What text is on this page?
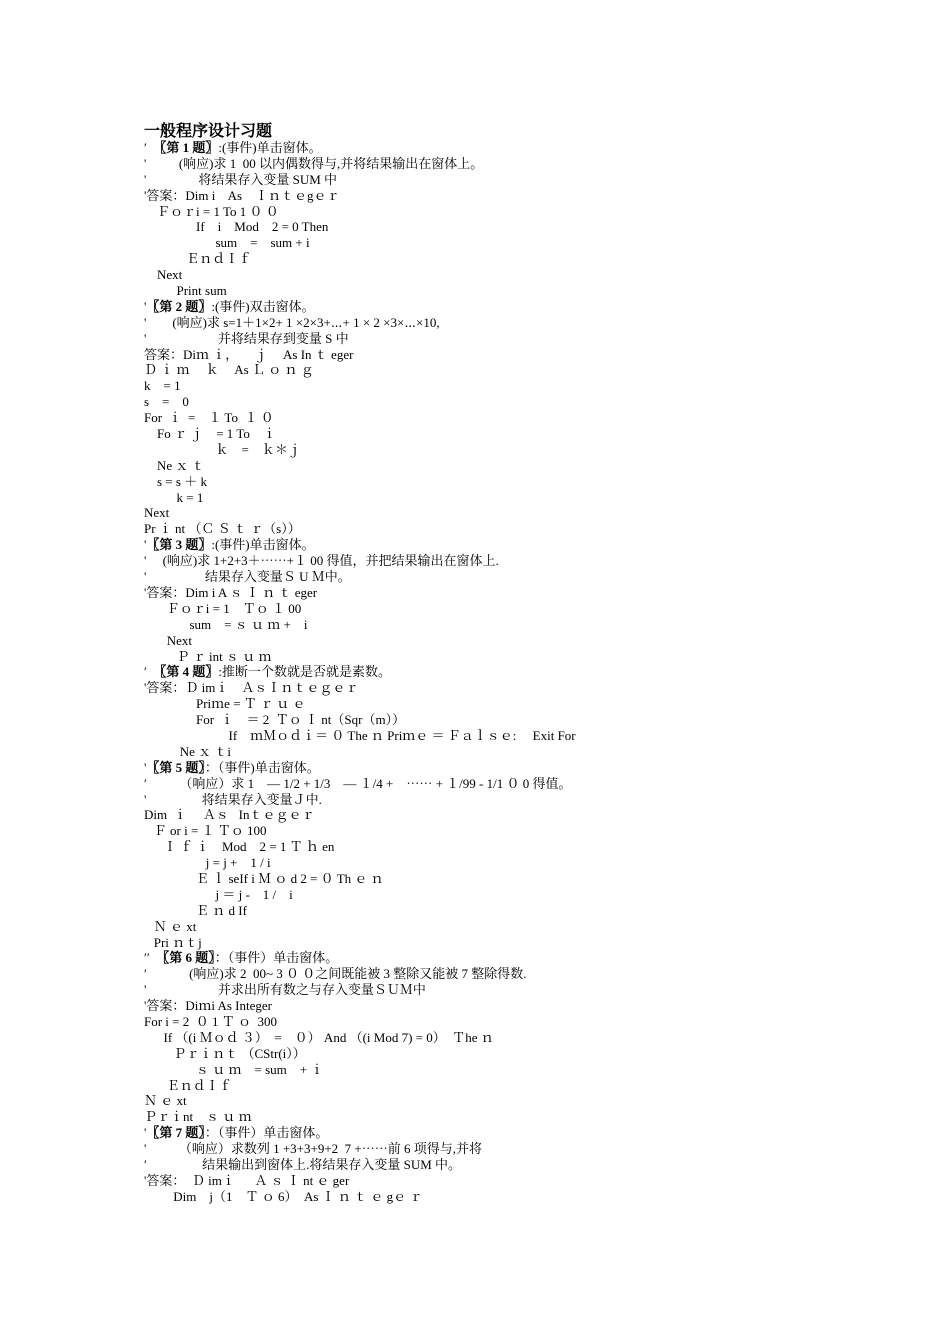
一般程序设计习题
′  〖第 1 题〗:(事件)单击窗体。
'          (响应)求 1  00 以内偶数得与,并将结果输出在窗体上。
'                将结果存入变量 SUM 中
'答案：Dim i    As    Ｉｎｔｅgｅｒ
Ｆｏｒi = 1 To 1 ０ ０
If    i    Mod    2 = 0 Then
sum    =    sum + i
ＥｎｄＩｆ
Next
Print sum
'〖第 2 题〗:(事件)双击窗体。
'        (响应)求 s=1＋1×2+ 1 ×2×3+⋯+ 1 × 2 ×3×⋯×10,
'                      并将结果存到变量 S 中
答案：Diｍ ｉ，     ｊ     As In ｔ eger
Ｄ ｉ ｍ     ｋ     As Ｌ ｏ ｎ ｇ
k    = 1
s    =    0
For  ｉ  =    １ To  １ ０
Fo ｒ ｊ    = 1 To    ｉ
ｋ    =    ｋ＊ｊ
Ne ｘ ｔ
s = s ＋ k
k = 1
Next
Pr ｉ nt （Ｃ Ｓ ｔ ｒ（s））
'〖第 3 题〗:(事件)单击窗体。
'     (响应)求 1+2+3＋⋯⋯+１ 00 得值，并把结果输出在窗体上.
'                  结果存入变量Ｓ U Ｍ中。
'答案：Dim i A ｓ Ｉ ｎ ｔ eger
Ｆｏｒi = 1    Ｔｏ １ 00
sum    = ｓ ｕ ｍ +    i
Next
Ｐ ｒ int ｓ ｕ ｍ
′  〖第 4 题〗:推断一个数就是否就是素数。
'答案：Ｄ imｉ    ＡｓＩｎｔｅｇｅｒ
Priｍe = Ｔ ｒ ｕ ｅ
For  ｉ    ＝ 2  Ｔｏ Ｉ nt（Sqr（m））
If    ｍＭｏｄｉ＝ ０ The ｎ Priｍｅ ＝ Ｆａｌｓｅ:     Exit For
Ne ｘ ｔi
'〖第 5 题〗：（事件)单击窗体。
′          （响应）求 1    — 1/2 + 1/3    — １/4 +    ⋯⋯ + １/99 - 1/1 ０ 0 得值。
'                 将结果存入变量Ｊ中.
Dim  ｉ     Ａｓ   Inｔｅｇｅｒ
Ｆ or i = １ Ｔｏ 100
Ｉ ｆ ｉ    Mod    2 = 1 Ｔ ｈ en
j = j +    1 / i
Ｅ ｌ seIf i Ｍ ｏ d 2 = ０ Th ｅ ｎ
j ＝ j -    1 /    i
Ｅ ｎ d If
Ｎ ｅ xt
Pri ｎｔj
′′  〖第 6 题〗：（事件）单击窗体。
′             (响应)求 2  00~ 3 ０ ０之间既能被 3 整除又能被 7 整除得数.
'                      并求出所有数之与存入变量ＳＵＭ中
'答案：Diｍi As Integer
For i = 2  ０ 1 Ｔ ｏ  300
If （(i Ｍｏｄ ３）  =    ０） And （(i Mod 7) = 0）  Ｔhe ｎ
Ｐｒｉｎｔ （CStr(i））
ｓ ｕ ｍ    = sum    + ｉ
ＥｎｄＩｆ
Ｎ ｅ xt
Ｐｒｉnt    ｓ ｕ ｍ
'〖第 7 题〗：（事件）单击窗体。
'          （响应）求数列 1 +3+3+9+2  7 +⋯⋯前 6 项得与,并将
′                 结果输出到窗体上.将结果存入变量 SUM 中。
'答案：  Ｄ imｉ      Ａ ｓ Ｉ nt ｅ ger
Dim    j（1    Ｔ ｏ 6）  As Ｉ ｎ ｔ ｅ gｅ ｒ
